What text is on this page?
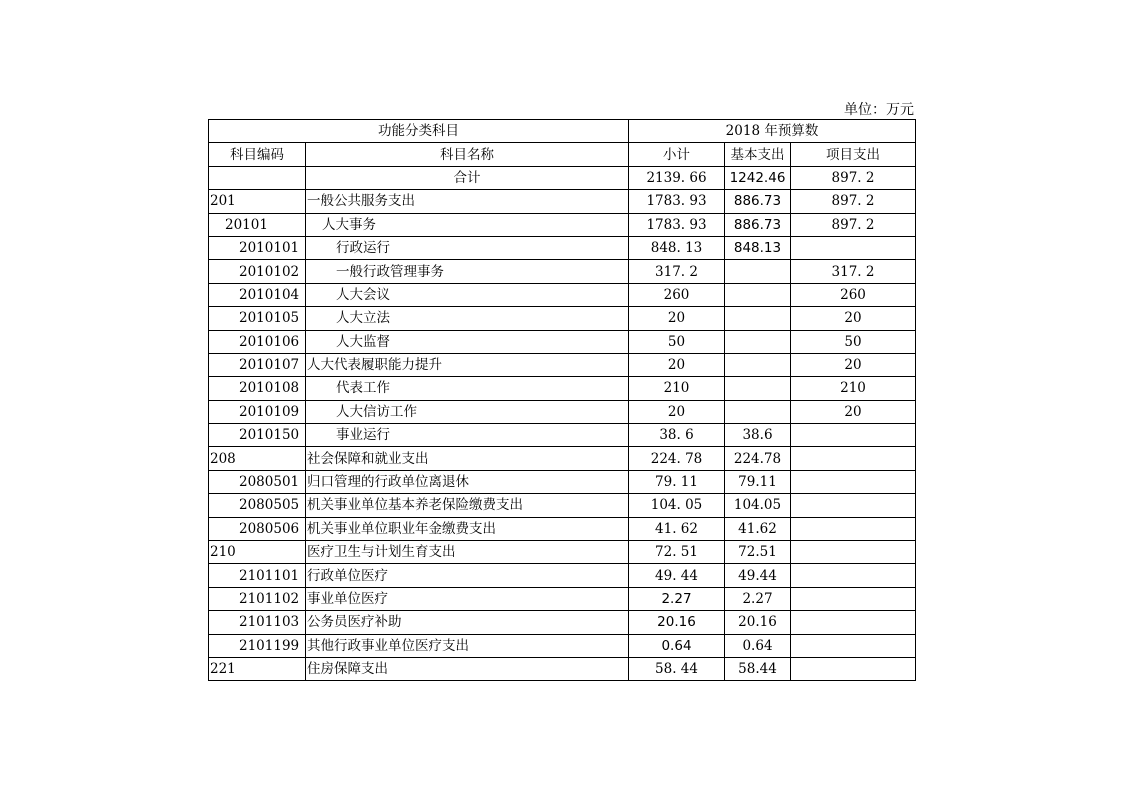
单位：万元
功能分类科目		2018 年预算数		
科目编码	科目名称	小计	基本支出	项目支出
	合计	2139. 66	1242.46	897. 2
201	一般公共服务支出	1783. 93	886.73	897. 2
20101	人大事务	1783. 93	886.73	897. 2
2010101	行政运行	848. 13	848.13	
2010102	一般行政管理事务	317. 2		317. 2
2010104	人大会议	260		260
2010105	人大立法	20		20
2010106	人大监督	50		50
2010107	人大代表履职能力提升	20		20
2010108	代表工作	210		210
2010109	人大信访工作	20		20
2010150	事业运行	38. 6	38.6	
208	社会保障和就业支出	224. 78	224.78	
2080501	归口管理的行政单位离退休	79. 11	79.11	
2080505	机关事业单位基本养老保险缴费支出	104. 05	104.05	
2080506	机关事业单位职业年金缴费支出	41. 62	41.62	
210	医疗卫生与计划生育支出	72. 51	72.51	
2101101	行政单位医疗	49. 44	49.44	
2101102	事业单位医疗	2.27	2.27	
2101103	公务员医疗补助	20.16	20.16	
2101199	其他行政事业单位医疗支出	0.64	0.64	
221	住房保障支出	58. 44	58.44	
